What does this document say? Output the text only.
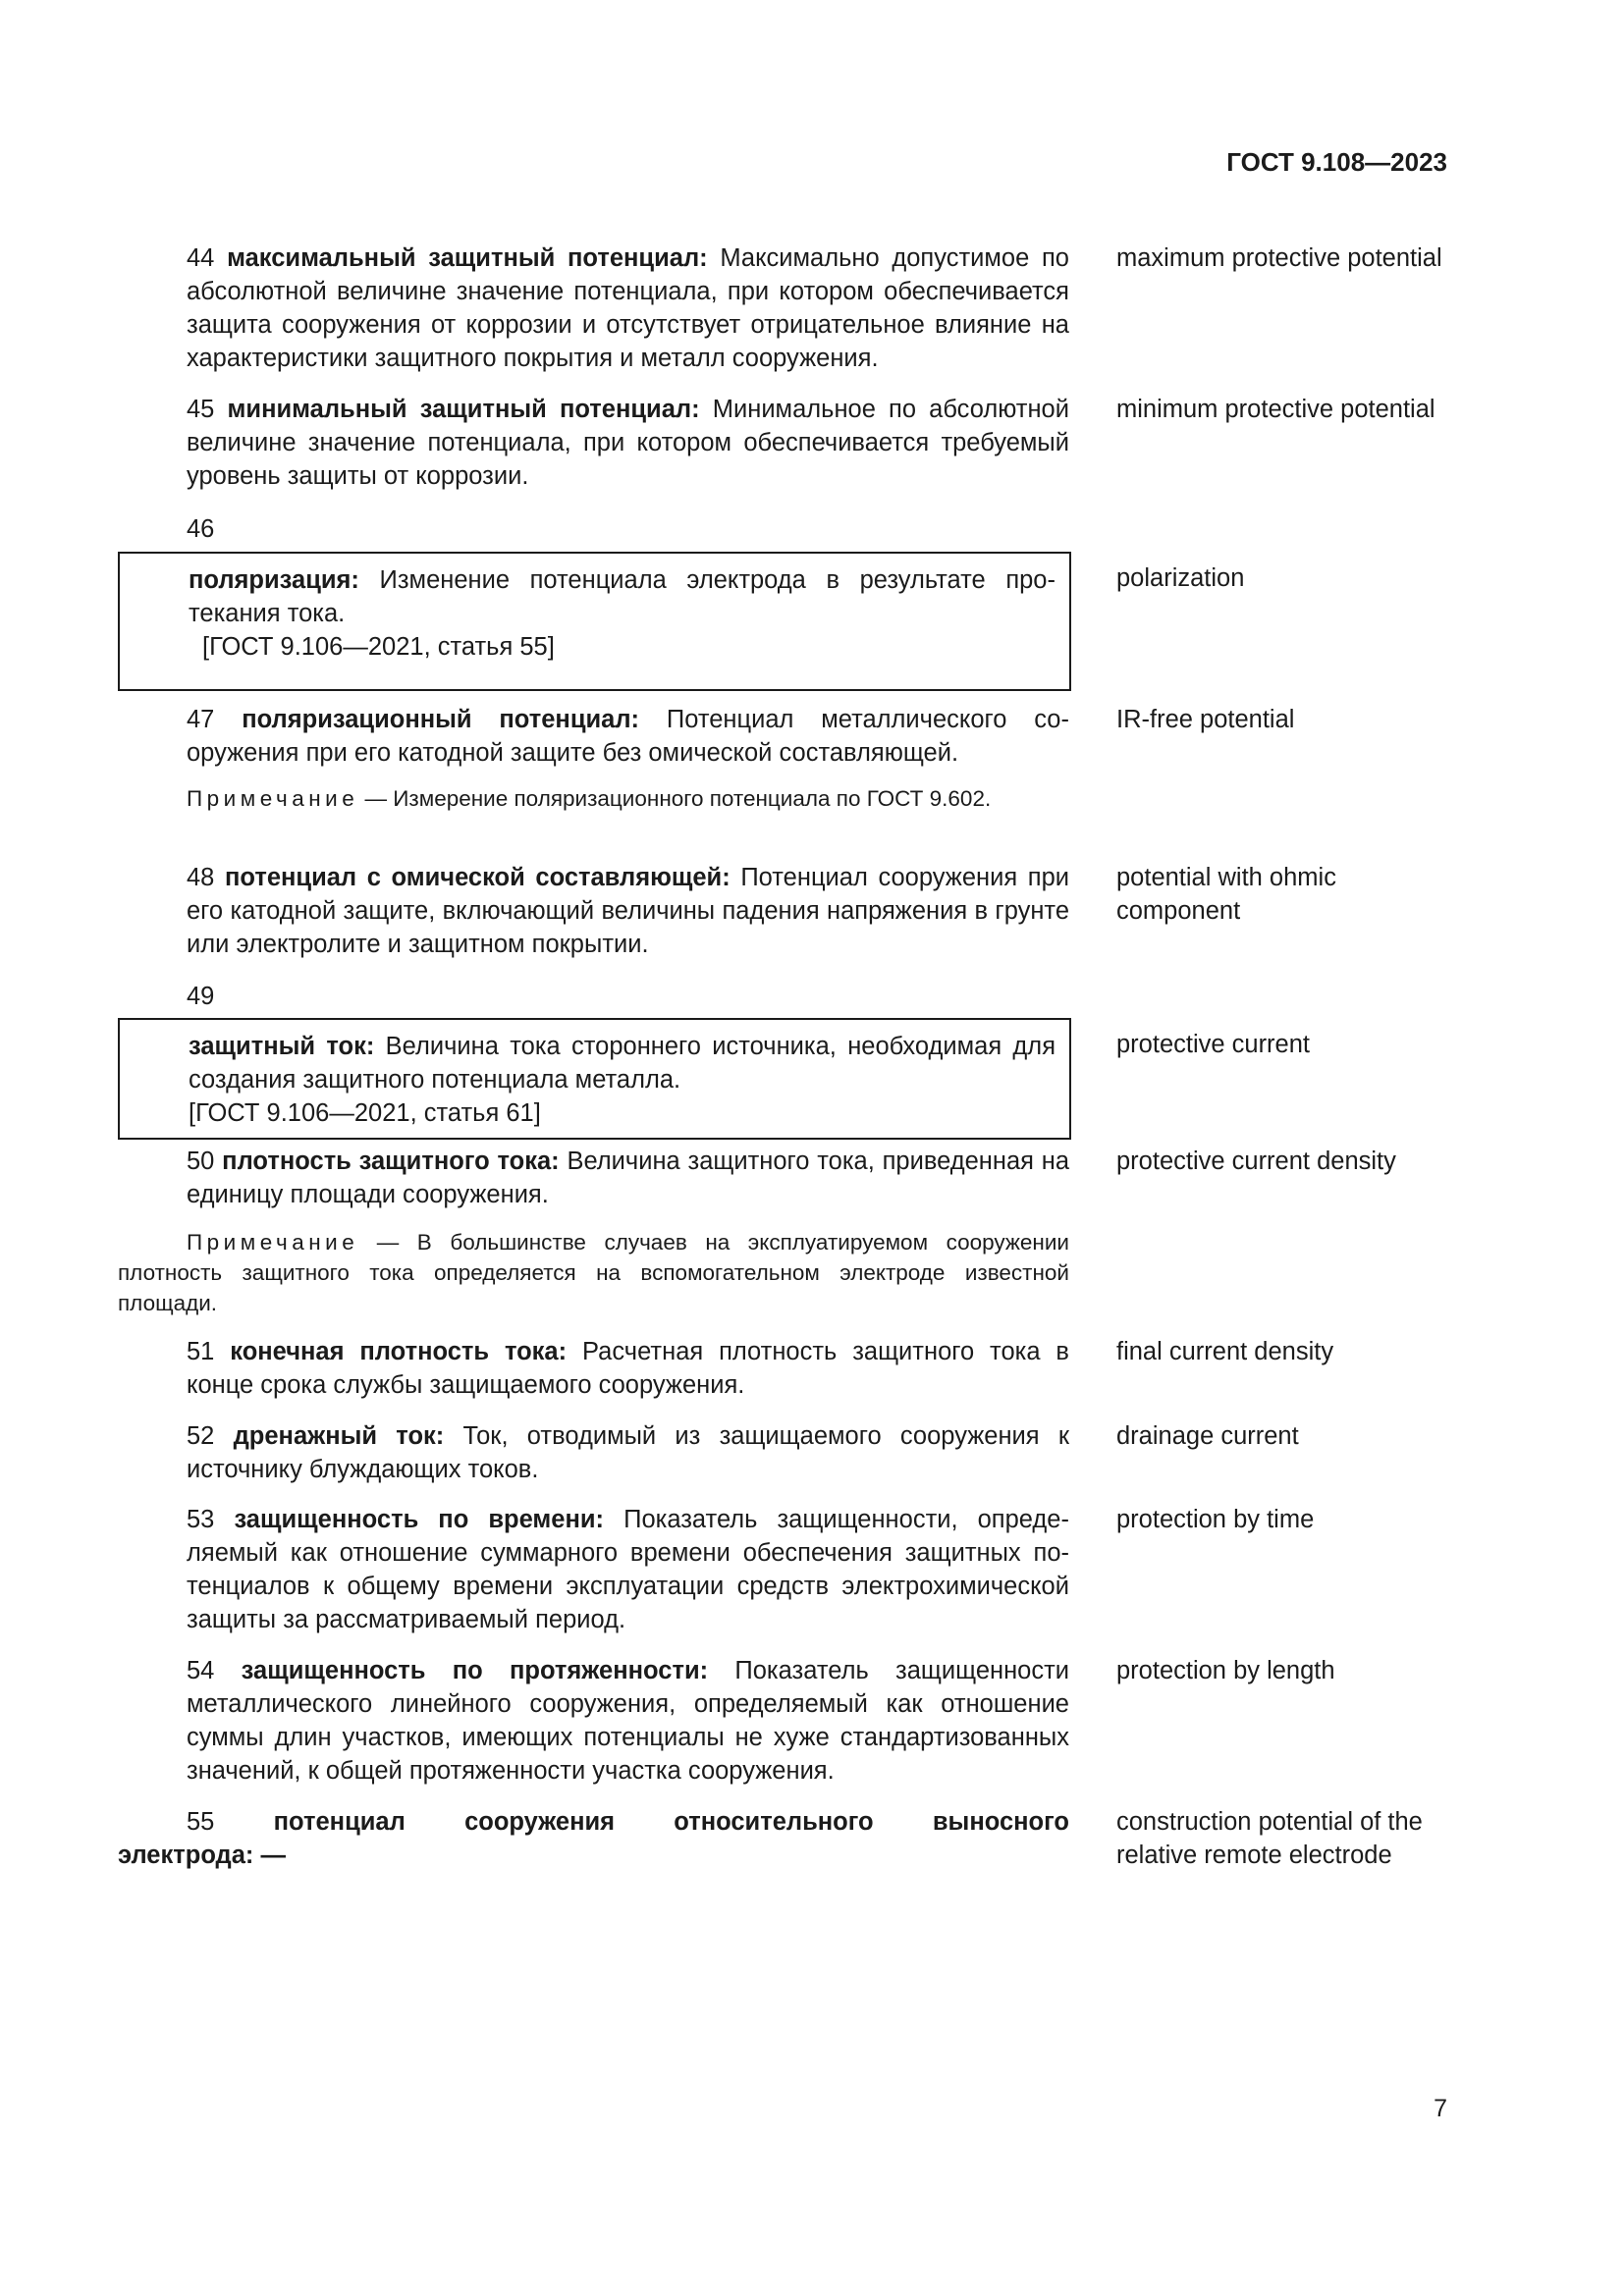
ГОСТ 9.108—2023
44 максимальный защитный потенциал: Максимально допустимое по абсолютной величине значение потенциала, при котором обеспечивается защита сооружения от коррозии и отсутствует отрицательное влияние на характеристики защитного покрытия и металл сооружения.
maximum protective potential
45 минимальный защитный потенциал: Минимальное по абсолютной величине значение потенциала, при котором обеспечивается требуемый уровень защиты от коррозии.
minimum protective potential
46
поляризация: Изменение потенциала электрода в результате протекания тока.
[ГОСТ 9.106—2021, статья 55]
polarization
47 поляризационный потенциал: Потенциал металлического сооружения при его катодной защите без омической составляющей.
Примечание — Измерение поляризационного потенциала по ГОСТ 9.602.
IR-free potential
48 потенциал с омической составляющей: Потенциал сооружения при его катодной защите, включающий величины падения напряжения в грунте или электролите и защитном покрытии.
potential with ohmic component
49
защитный ток: Величина тока стороннего источника, необходимая для создания защитного потенциала металла.
[ГОСТ 9.106—2021, статья 61]
protective current
50 плотность защитного тока: Величина защитного тока, приведенная на единицу площади сооружения.
Примечание — В большинстве случаев на эксплуатируемом сооружении плотность защитного тока определяется на вспомогательном электроде известной площади.
protective current density
51 конечная плотность тока: Расчетная плотность защитного тока в конце срока службы защищаемого сооружения.
final current density
52 дренажный ток: Ток, отводимый из защищаемого сооружения к источнику блуждающих токов.
drainage current
53 защищенность по времени: Показатель защищенности, определяемый как отношение суммарного времени обеспечения защитных потенциалов к общему времени эксплуатации средств электрохимической защиты за рассматриваемый период.
protection by time
54 защищенность по протяженности: Показатель защищенности металлического линейного сооружения, определяемый как отношение суммы длин участков, имеющих потенциалы не хуже стандартизованных значений, к общей протяженности участка сооружения.
protection by length
55 потенциал сооружения относительного выносного
электрода: —
construction potential of the relative remote electrode
7
